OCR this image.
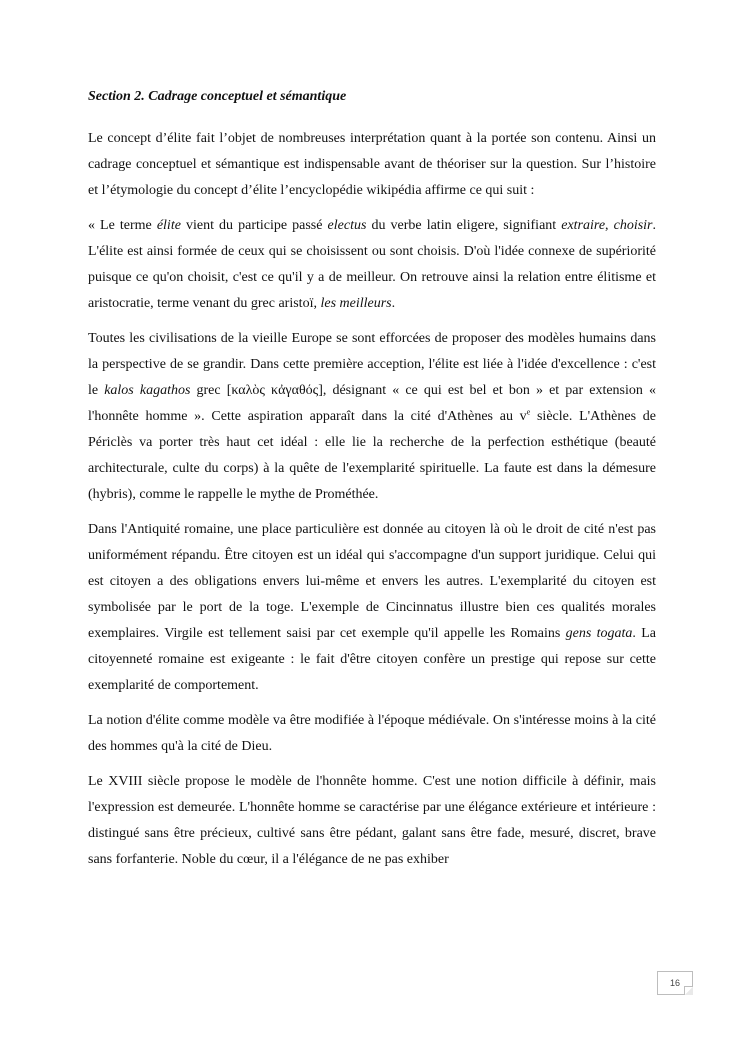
Section 2. Cadrage conceptuel et sémantique

Le concept d’élite fait l’objet de nombreuses interprétation quant à la portée son contenu. Ainsi un cadrage conceptuel et sémantique est indispensable avant de théoriser sur la question. Sur l’histoire et l’étymologie du concept d’élite l’encyclopédie wikipédia affirme ce qui suit :

« Le terme élite vient du participe passé electus du verbe latin eligere, signifiant extraire, choisir. L'élite est ainsi formée de ceux qui se choisissent ou sont choisis. D'où l'idée connexe de supériorité puisque ce qu'on choisit, c'est ce qu'il y a de meilleur. On retrouve ainsi la relation entre élitisme et aristocratie, terme venant du grec aristoï, les meilleurs.

Toutes les civilisations de la vieille Europe se sont efforcées de proposer des modèles humains dans la perspective de se grandir. Dans cette première acception, l'élite est liée à l'idée d'excellence : c'est le kalos kagathos grec [καλὸς κἀγαθός], désignant « ce qui est bel et bon » et par extension « l'honnête homme ». Cette aspiration apparaît dans la cité d'Athènes au $v^e$ siècle. L'Athènes de Périclès va porter très haut cet idéal : elle lie la recherche de la perfection esthétique (beauté architecturale, culte du corps) à la quête de l'exemplarité spirituelle. La faute est dans la démesure (hybris), comme le rappelle le mythe de Prométhée.

Dans l'Antiquité romaine, une place particulière est donnée au citoyen là où le droit de cité n'est pas uniformément répandu. Être citoyen est un idéal qui s'accompagne d'un support juridique. Celui qui est citoyen a des obligations envers lui-même et envers les autres. L'exemplarité du citoyen est symbolisée par le port de la toge. L'exemple de Cincinnatus illustre bien ces qualités morales exemplaires. Virgile est tellement saisi par cet exemple qu'il appelle les Romains gens togata. La citoyenneté romaine est exigeante : le fait d'être citoyen confère un prestige qui repose sur cette exemplarité de comportement.

La notion d'élite comme modèle va être modifiée à l'époque médiévale. On s'intéresse moins à la cité des hommes qu'à la cité de Dieu.

Le XVIII siècle propose le modèle de l'honnête homme. C'est une notion difficile à définir, mais l'expression est demeurée. L'honnête homme se caractérise par une élégance extérieure et intérieure : distingué sans être précieux, cultivé sans être pédant, galant sans être fade, mesuré, discret, brave sans forfanterie. Noble du cœur, il a l'élégance de ne pas exhiber

16
